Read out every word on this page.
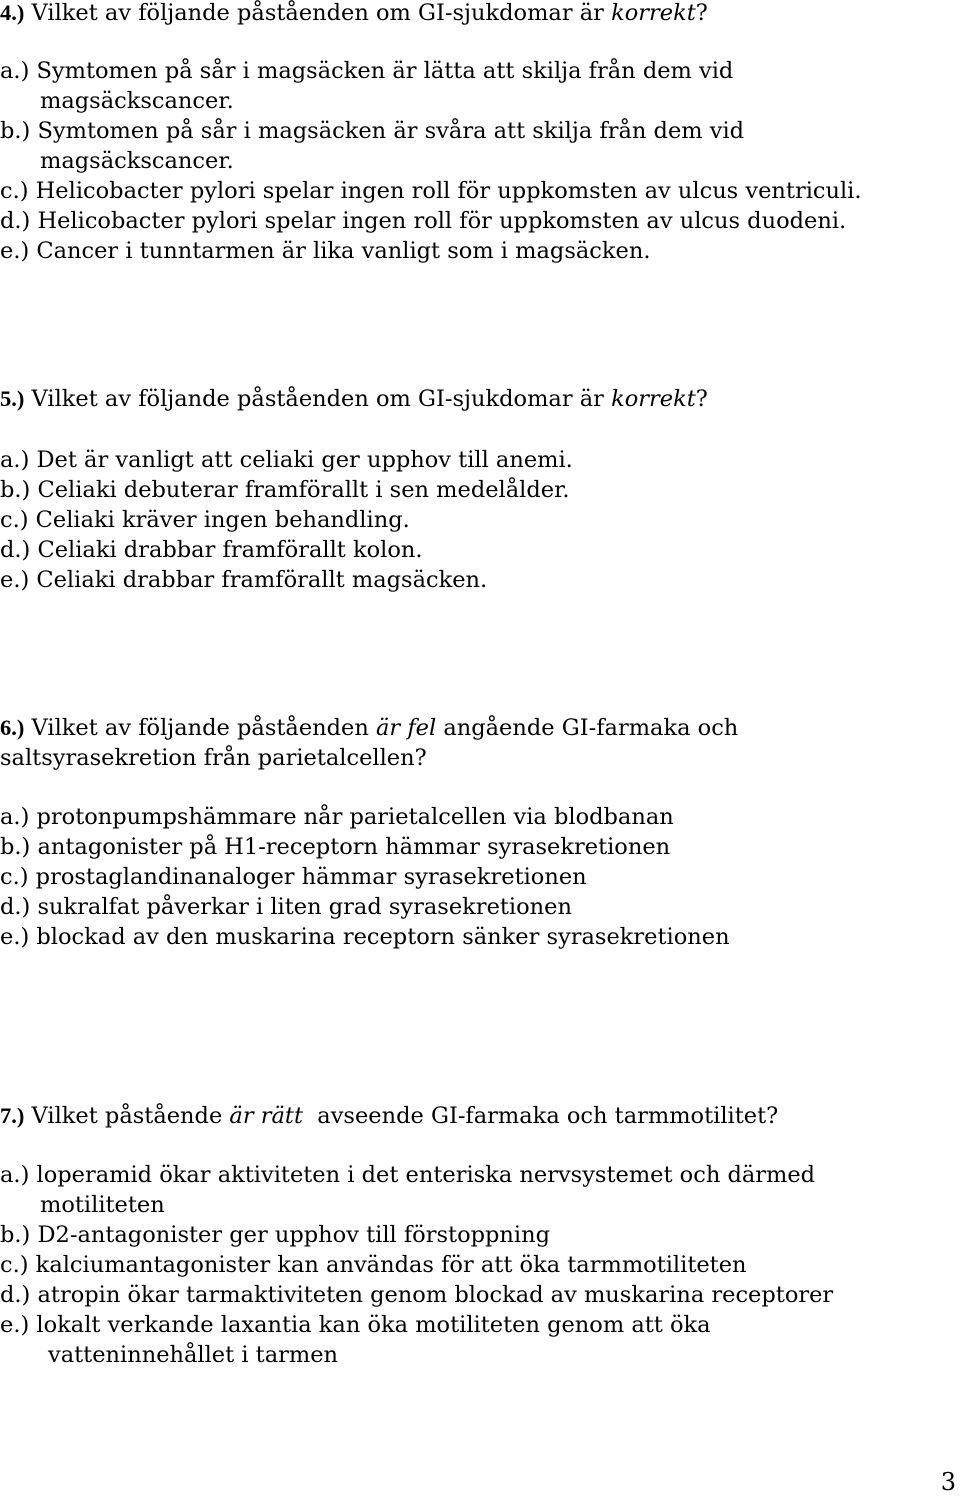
4.) Vilket av följande påståenden om GI-sjukdomar är korrekt?
a.) Symtomen på sår i magsäcken är lätta att skilja från dem vid
magsäckscancer.
b.) Symtomen på sår i magsäcken är svåra att skilja från dem vid
magsäckscancer.
c.) Helicobacter pylori spelar ingen roll för uppkomsten av ulcus ventriculi.
d.) Helicobacter pylori spelar ingen roll för uppkomsten av ulcus duodeni.
e.) Cancer i tunntarmen är lika vanligt som i magsäcken.
5.) Vilket av följande påståenden om GI-sjukdomar är korrekt?
a.) Det är vanligt att celiaki ger upphov till anemi.
b.) Celiaki debuterar framförallt i sen medelålder.
c.) Celiaki kräver ingen behandling.
d.) Celiaki drabbar framförallt kolon.
e.) Celiaki drabbar framförallt magsäcken.
6.) Vilket av följande påståenden är fel angående GI-farmaka och
saltsyrasekretion från parietalcellen?
a.) protonpumpshämmare når parietalcellen via blodbanan
b.) antagonister på H1-receptorn hämmar syrasekretionen
c.) prostaglandinanaloger hämmar syrasekretionen
d.) sukralfat påverkar i liten grad syrasekretionen
e.) blockad av den muskarina receptorn sänker syrasekretionen
7.) Vilket påstående är rätt  avseende GI-farmaka och tarmmotilitet?
a.) loperamid ökar aktiviteten i det enteriska nervsystemet och därmed
motiliteten
b.) D2-antagonister ger upphov till förstoppning
c.) kalciumantagonister kan användas för att öka tarmmotiliteten
d.) atropin ökar tarmaktiviteten genom blockad av muskarina receptorer
e.) lokalt verkande laxantia kan öka motiliteten genom att öka
vatteninnehållet i tarmen
3
